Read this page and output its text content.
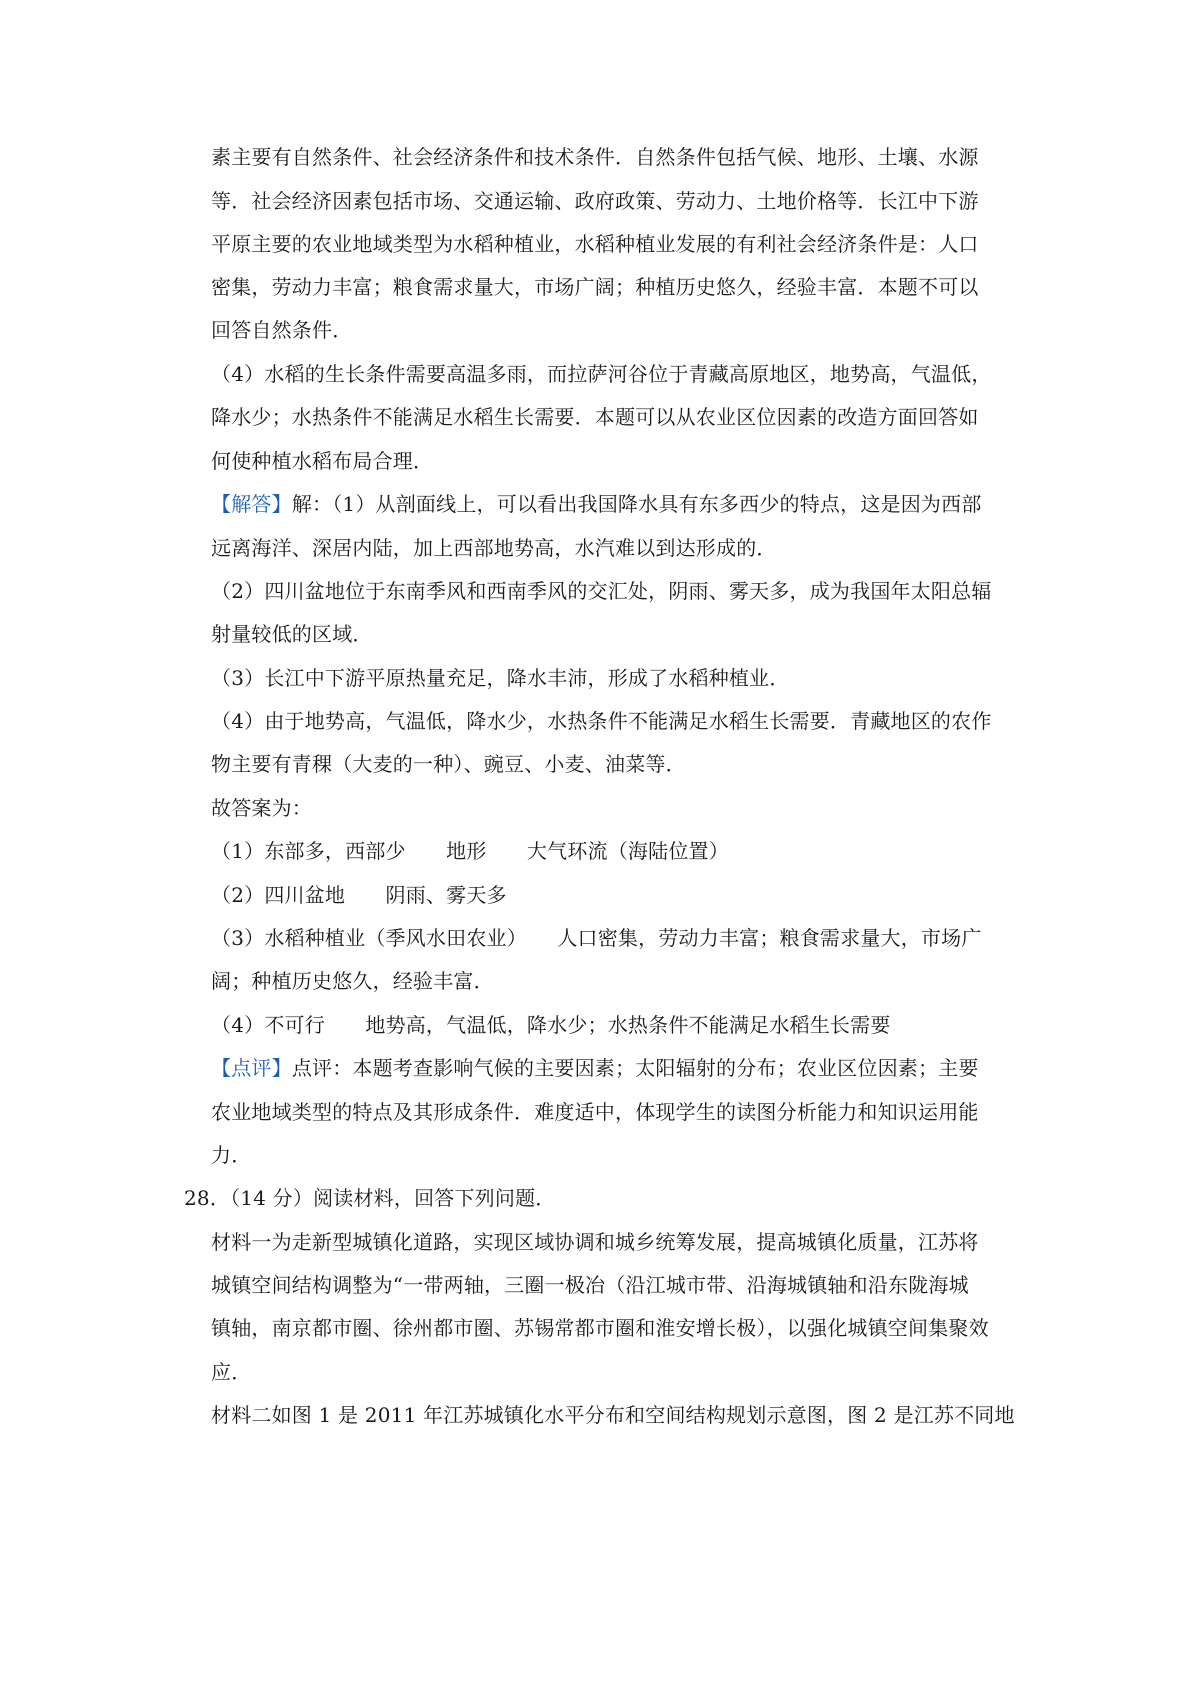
素主要有自然条件、社会经济条件和技术条件．自然条件包括气候、地形、土壤、水源
等．社会经济因素包括市场、交通运输、政府政策、劳动力、土地价格等．长江中下游
平原主要的农业地域类型为水稻种植业，水稻种植业发展的有利社会经济条件是：人口
密集，劳动力丰富；粮食需求量大，市场广阔；种植历史悠久，经验丰富．本题不可以
回答自然条件．
（4）水稻的生长条件需要高温多雨，而拉萨河谷位于青藏高原地区，地势高，气温低，
降水少；水热条件不能满足水稻生长需要．本题可以从农业区位因素的改造方面回答如
何使种植水稻布局合理．
【解答】解：（1）从剖面线上，可以看出我国降水具有东多西少的特点，这是因为西部
远离海洋、深居内陆，加上西部地势高，水汽难以到达形成的．
（2）四川盆地位于东南季风和西南季风的交汇处，阴雨、雾天多，成为我国年太阳总辐
射量较低的区域．
（3）长江中下游平原热量充足，降水丰沛，形成了水稻种植业．
（4）由于地势高，气温低，降水少，水热条件不能满足水稻生长需要．青藏地区的农作
物主要有青稞（大麦的一种）、豌豆、小麦、油菜等．
故答案为：
（1）东部多，西部少　　地形　　大气环流（海陆位置）
（2）四川盆地　　阴雨、雾天多
（3）水稻种植业（季风水田农业）　　人口密集，劳动力丰富；粮食需求量大，市场广
阔；种植历史悠久，经验丰富．
（4）不可行　　地势高，气温低，降水少；水热条件不能满足水稻生长需要
【点评】点评：本题考查影响气候的主要因素；太阳辐射的分布；农业区位因素；主要
农业地域类型的特点及其形成条件．难度适中，体现学生的读图分析能力和知识运用能
力．
28．（14 分）阅读材料，回答下列问题．
材料一为走新型城镇化道路，实现区域协调和城乡统筹发展，提高城镇化质量，江苏将
城镇空间结构调整为“一带两轴，三圈一极冶（沿江城市带、沿海城镇轴和沿东陇海城
镇轴，南京都市圈、徐州都市圈、苏锡常都市圈和淮安增长极），以强化城镇空间集聚效
应．
材料二如图 1 是 2011 年江苏城镇化水平分布和空间结构规划示意图，图 2 是江苏不同地
